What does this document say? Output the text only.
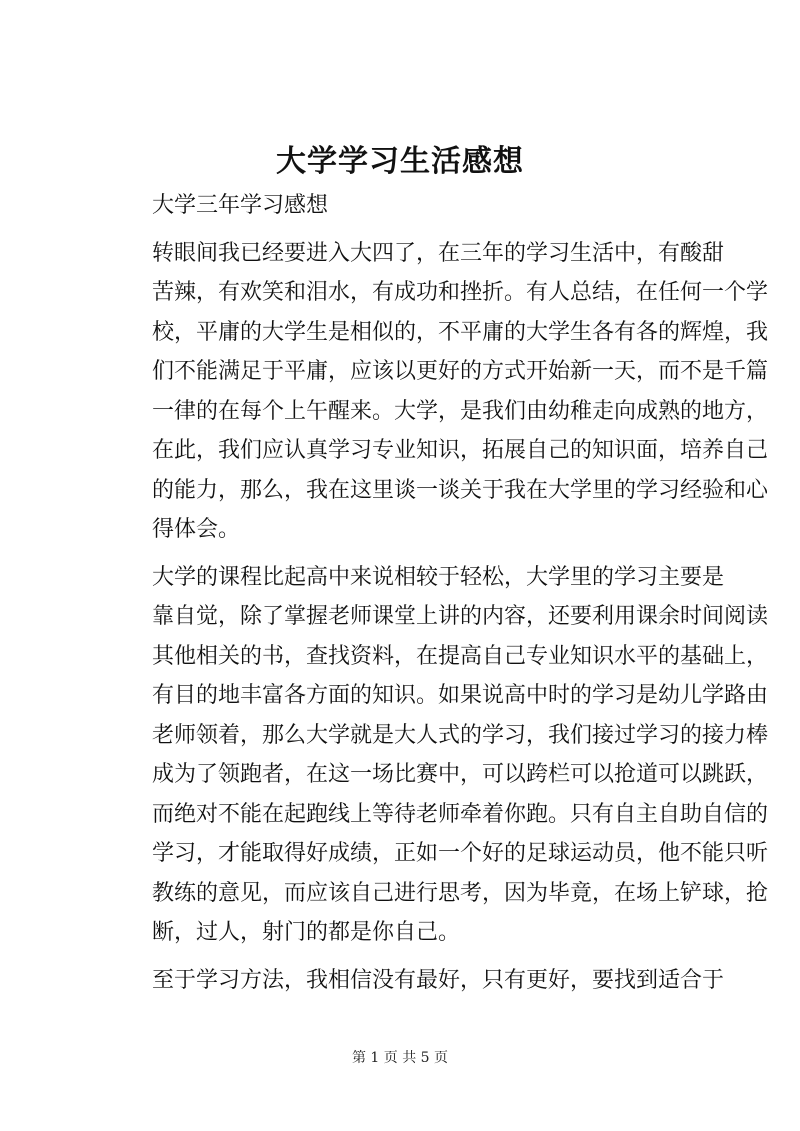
大学学习生活感想

大学三年学习感想

转眼间我已经要进入大四了，在三年的学习生活中，有酸甜
苦辣，有欢笑和泪水，有成功和挫折。有人总结，在任何一个学
校，平庸的大学生是相似的，不平庸的大学生各有各的辉煌，我
们不能满足于平庸，应该以更好的方式开始新一天，而不是千篇
一律的在每个上午醒来。大学，是我们由幼稚走向成熟的地方，
在此，我们应认真学习专业知识，拓展自己的知识面，培养自己
的能力，那么，我在这里谈一谈关于我在大学里的学习经验和心
得体会。

大学的课程比起高中来说相较于轻松，大学里的学习主要是
靠自觉，除了掌握老师课堂上讲的内容，还要利用课余时间阅读
其他相关的书，查找资料，在提高自己专业知识水平的基础上，
有目的地丰富各方面的知识。如果说高中时的学习是幼儿学路由
老师领着，那么大学就是大人式的学习，我们接过学习的接力棒
成为了领跑者，在这一场比赛中，可以跨栏可以抢道可以跳跃，
而绝对不能在起跑线上等待老师牵着你跑。只有自主自助自信的
学习，才能取得好成绩，正如一个好的足球运动员，他不能只听
教练的意见，而应该自己进行思考，因为毕竟，在场上铲球，抢
断，过人，射门的都是你自己。

至于学习方法，我相信没有最好，只有更好，要找到适合于

第 1 页 共 5 页
